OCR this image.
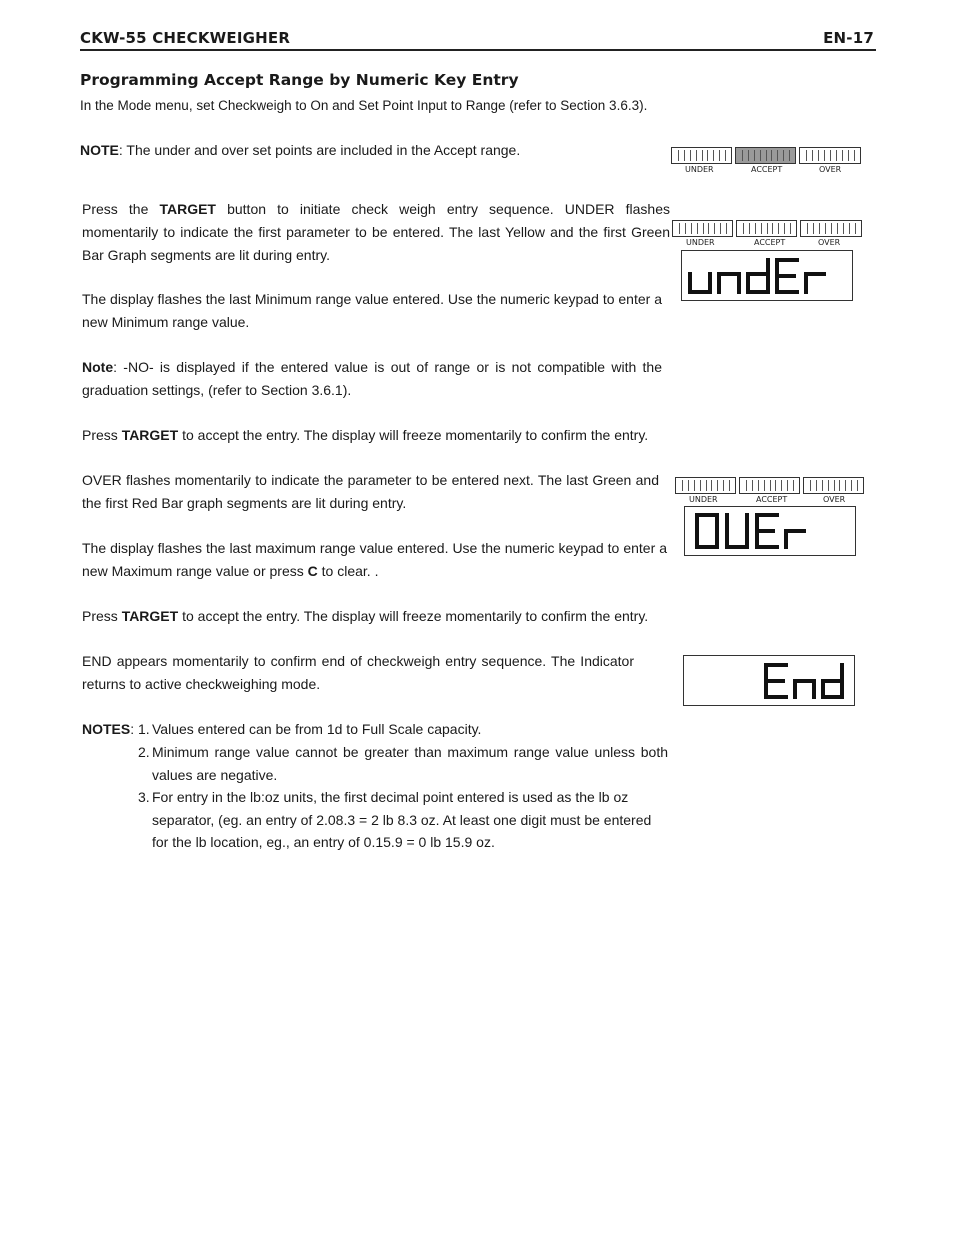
CKW-55 CHECKWEIGHER	EN-17
Programming Accept Range by Numeric Key Entry
In the Mode menu, set Checkweigh to On and Set Point Input to Range (refer to Section 3.6.3).
NOTE: The under and over set points are included in the Accept range.
Press the TARGET button to initiate check weigh entry sequence. UNDER flashes momentarily to indicate the first parameter to be entered. The last Yellow and the first Green Bar Graph segments are lit during entry.
The display flashes the last Minimum range value entered. Use the numeric keypad to enter a new Minimum range value.
Note: -NO- is displayed if the entered value is out of range or is not compatible with the graduation settings, (refer to Section 3.6.1).
Press TARGET to accept the entry. The display will freeze momentarily to confirm the entry.
OVER flashes momentarily to indicate the parameter to be entered next. The last Green and the first Red Bar graph segments are lit during entry.
The display flashes the last maximum range value entered. Use the numeric keypad to enter a new Maximum range value or press C to clear. .
Press TARGET to accept the entry. The display will freeze momentarily to confirm the entry.
END appears momentarily to confirm end of checkweigh entry sequence. The Indicator returns to active checkweighing mode.
NOTES: 1. Values entered can be from 1d to Full Scale capacity.
2. Minimum range value cannot be greater than maximum range value unless both values are negative.
3. For entry in the lb:oz units, the first decimal point entered is used as the lb oz separator, (eg. an entry of 2.08.3 = 2 lb 8.3 oz. At least one digit must be entered for the lb location, eg., an entry of 0.15.9 = 0 lb 15.9 oz.
UNDER	ACCEPT	OVER
UNDER	ACCEPT	OVER
UNDER	ACCEPT	OVER
